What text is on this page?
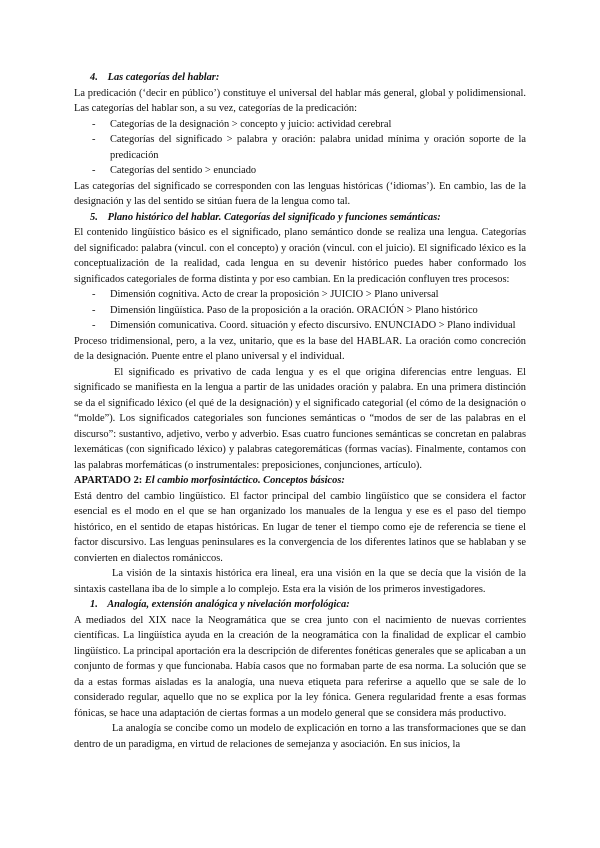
4. Las categorías del hablar:

La predicación (‘decir en público’) constituye el universal del hablar más general, global y polidimensional. Las categorías del hablar son, a su vez, categorías de la predicación:

- Categorías de la designación > concepto y juicio: actividad cerebral
- Categorías del significado > palabra y oración: palabra unidad mínima y oración soporte de la predicación
- Categorías del sentido > enunciado

Las categorías del significado se corresponden con las lenguas históricas (‘idiomas’). En cambio, las de la designación y las del sentido se sitúan fuera de la lengua como tal.

5. Plano histórico del hablar. Categorías del significado y funciones semánticas:

El contenido lingüístico básico es el significado, plano semántico donde se realiza una lengua. Categorías del significado: palabra (vincul. con el concepto) y oración (vincul. con el juicio). El significado léxico es la conceptualización de la realidad, cada lengua en su devenir histórico puedes haber conformado los significados categoriales de forma distinta y por eso cambian. En la predicación confluyen tres procesos:

- Dimensión cognitiva. Acto de crear la proposición > JUICIO > Plano universal
- Dimensión lingüística. Paso de la proposición a la oración. ORACIÓN > Plano histórico
- Dimensión comunicativa. Coord. situación y efecto discursivo. ENUNCIADO > Plano individual

Proceso tridimensional, pero, a la vez, unitario, que es la base del HABLAR. La oración como concreción de la designación. Puente entre el plano universal y el individual.

El significado es privativo de cada lengua y es el que origina diferencias entre lenguas. El significado se manifiesta en la lengua a partir de las unidades oración y palabra. En una primera distinción se da el significado léxico (el qué de la designación) y el significado categorial (el cómo de la designación o “molde”). Los significados categoriales son funciones semánticas o “modos de ser de las palabras en el discurso”: sustantivo, adjetivo, verbo y adverbio. Esas cuatro funciones semánticas se concretan en palabras lexemáticas (con significado léxico) y palabras categoremáticas (formas vacías). Finalmente, contamos con las palabras morfemáticas (o instrumentales: preposiciones, conjunciones, artículo).

APARTADO 2: El cambio morfosintáctico. Conceptos básicos:

Está dentro del cambio lingüístico. El factor principal del cambio lingüístico que se considera el factor esencial es el modo en el que se han organizado los manuales de la lengua y ese es el paso del tiempo histórico, en el sentido de etapas históricas. En lugar de tener el tiempo como eje de referencia se tiene el factor discursivo. Las lenguas peninsulares es la convergencia de los diferentes latinos que se hablaban y se convierten en dialectos romániccos.

La visión de la sintaxis histórica era lineal, era una visión en la que se decía que la visión de la sintaxis castellana iba de lo simple a lo complejo. Esta era la visión de los primeros investigadores.

1. Analogía, extensión analógica y nivelación morfológica:

A mediados del XIX nace la Neogramática que se crea junto con el nacimiento de nuevas corrientes científicas. La lingüística ayuda en la creación de la neogramática con la finalidad de explicar el cambio lingüístico. La principal aportación era la descripción de diferentes fonéticas generales que se aplicaban a un conjunto de formas y que funcionaba. Había casos que no formaban parte de esa norma. La solución que se da a estas formas aisladas es la analogía, una nueva etiqueta para referirse a aquello que se sale de lo considerado regular, aquello que no se explica por la ley fónica. Genera regularidad frente a esas formas fónicas, se hace una adaptación de ciertas formas a un modelo general que se considera más productivo.

La analogía se concibe como un modelo de explicación en torno a las transformaciones que se dan dentro de un paradigma, en virtud de relaciones de semejanza y asociación. En sus inicios, la
